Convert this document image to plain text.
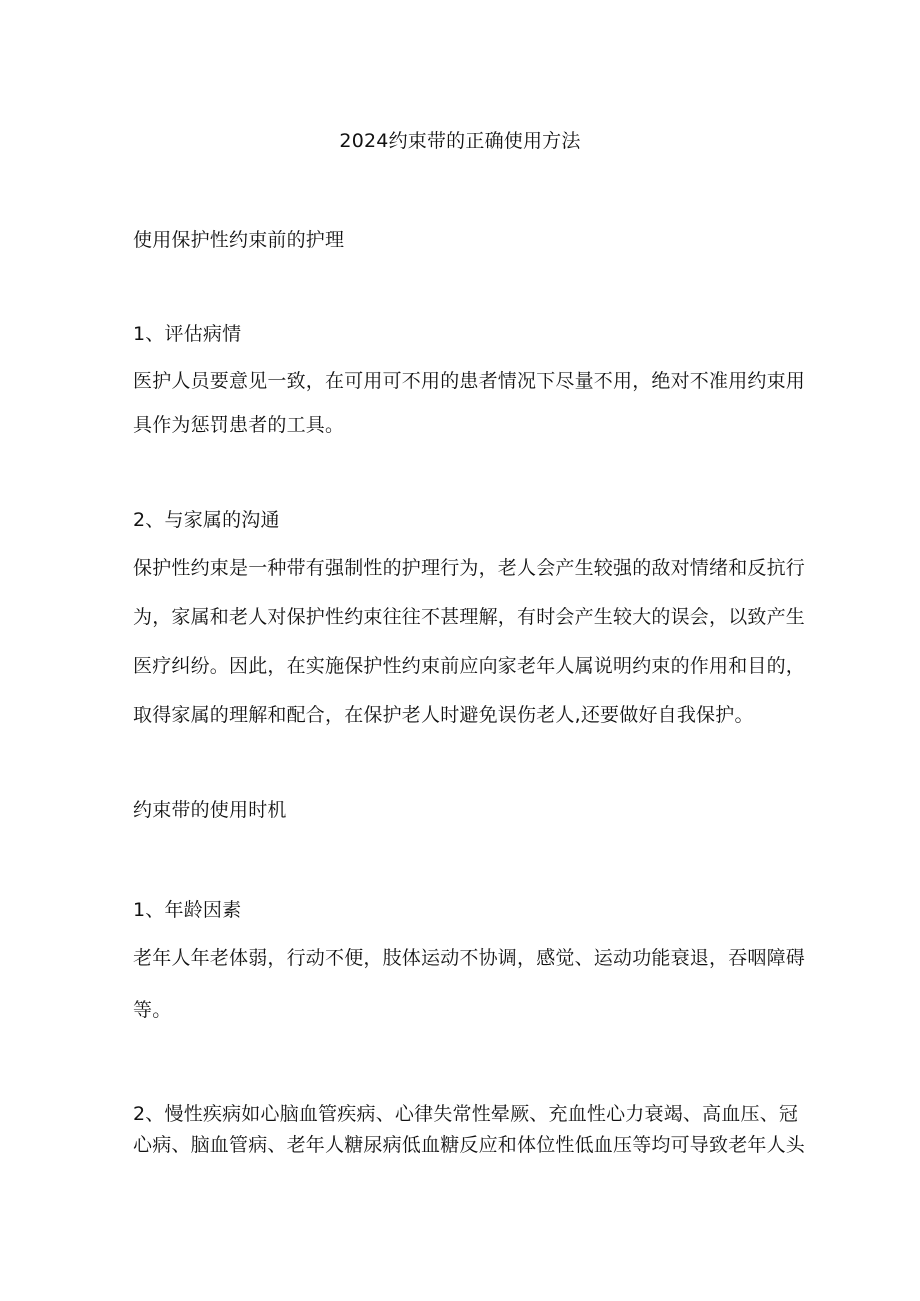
2024约束带的正确使用方法
使用保护性约束前的护理
1、评估病情
医护人员要意见一致，在可用可不用的患者情况下尽量不用，绝对不准用约束用
具作为惩罚患者的工具。
2、与家属的沟通
保护性约束是一种带有强制性的护理行为，老人会产生较强的敌对情绪和反抗行
为，家属和老人对保护性约束往往不甚理解，有时会产生较大的误会，以致产生
医疗纠纷。因此，在实施保护性约束前应向家老年人属说明约束的作用和目的，
取得家属的理解和配合，在保护老人时避免误伤老人,还要做好自我保护。
约束带的使用时机
1、年龄因素
老年人年老体弱，行动不便，肢体运动不协调，感觉、运动功能衰退，吞咽障碍
等。
2、慢性疾病如心脑血管疾病、心律失常性晕厥、充血性心力衰竭、高血压、冠
心病、脑血管病、老年人糖尿病低血糖反应和体位性低血压等均可导致老年人头
